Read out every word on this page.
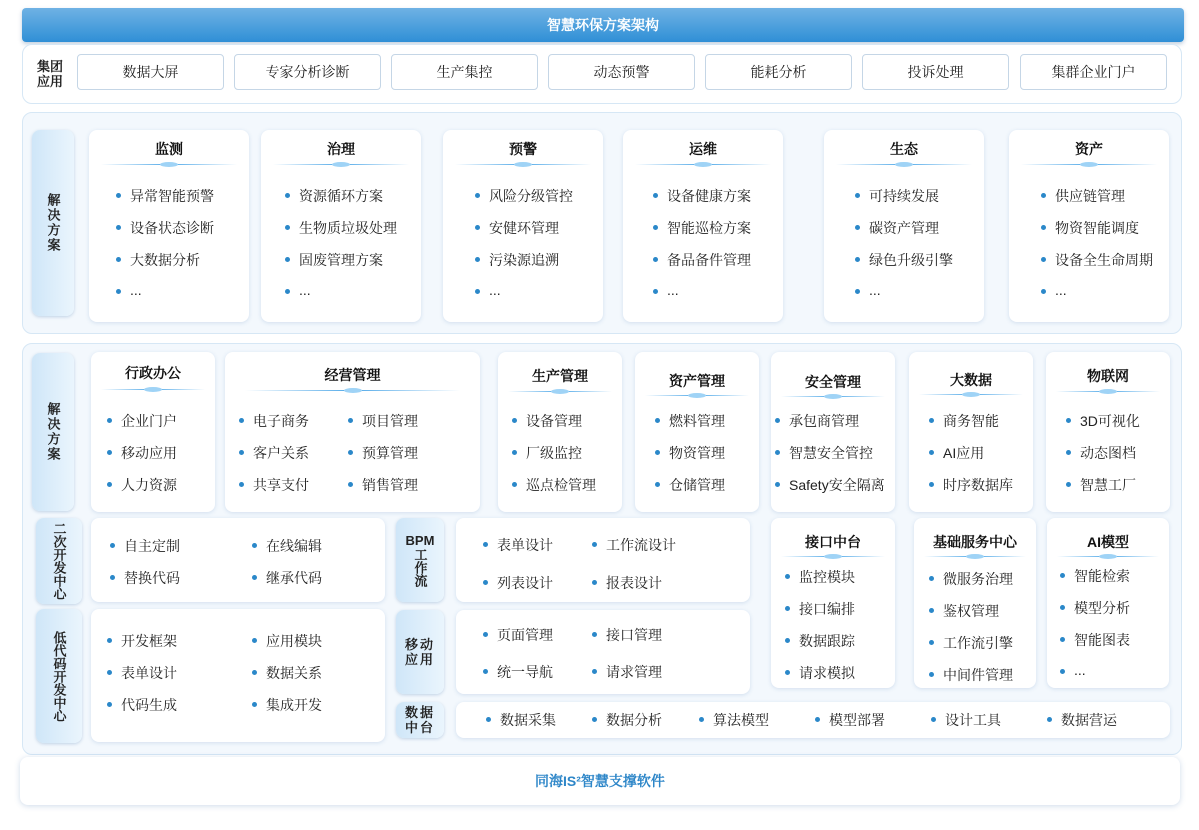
智慧环保方案架构
集团
应用
数据大屏	专家分析诊断	生产集控	动态预警	能耗分析	投诉处理	集群企业门户
解决方案
监测
异常智能预警
设备状态诊断
大数据分析
...
治理
资源循环方案
生物质垃圾处理
固废管理方案
...
预警
风险分级管控
安健环管理
污染源追溯
...
运维
设备健康方案
智能巡检方案
备品备件管理
...
生态
可持续发展
碳资产管理
绿色升级引擎
...
资产
供应链管理
物资智能调度
设备全生命周期
...
解决方案
行政办公
企业门户
移动应用
人力资源
经营管理
电子商务	项目管理
客户关系	预算管理
共享支付	销售管理
生产管理
设备管理
厂级监控
巡点检管理
资产管理
燃料管理
物资管理
仓储管理
安全管理
承包商管理
智慧安全管控
Safety安全隔离
大数据
商务智能
AI应用
时序数据库
物联网
3D可视化
动态图档
智慧工厂
二次开发中心	自主定制	在线编辑
替换代码	继承代码
低代码开发中心	开发框架	应用模块
表单设计	数据关系
代码生成	集成开发
BPM
工作流
表单设计	工作流设计
列表设计	报表设计
移动应用
页面管理	接口管理
统一导航	请求管理
数据中台	数据采集	数据分析	算法模型	模型部署	设计工具	数据营运
接口中台
监控模块
接口编排
数据跟踪
请求模拟
基础服务中心
微服务治理
鉴权管理
工作流引擎
中间件管理
AI模型
智能检索
模型分析
智能图表
...
同海IS²智慧支撑软件
